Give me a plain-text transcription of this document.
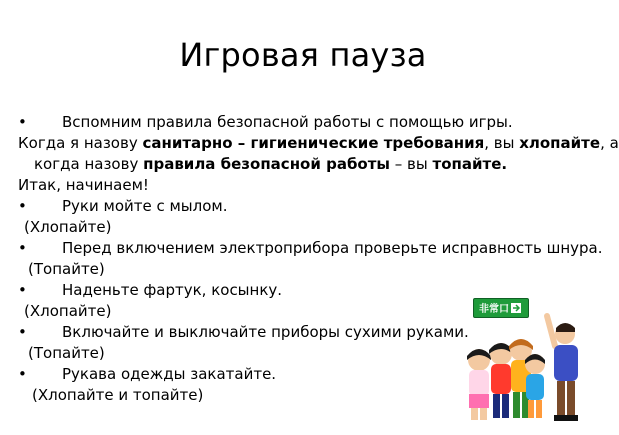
Игровая пауза
• Вспомним правила безопасной работы с помощью игры.
Когда я назову санитарно – гигиенические требования, вы хлопайте, а
когда назову правила безопасной работы – вы топайте.
Итак, начинаем!
• Руки мойте с мылом.
(Хлопайте)
• Перед включением электроприбора проверьте исправность шнура.
(Топайте)
• Наденьте фартук, косынку.
(Хлопайте)
• Включайте и выключайте приборы сухими руками.
(Топайте)
• Рукава одежды закатайте.
(Хлопайте и топайте)
非常口
